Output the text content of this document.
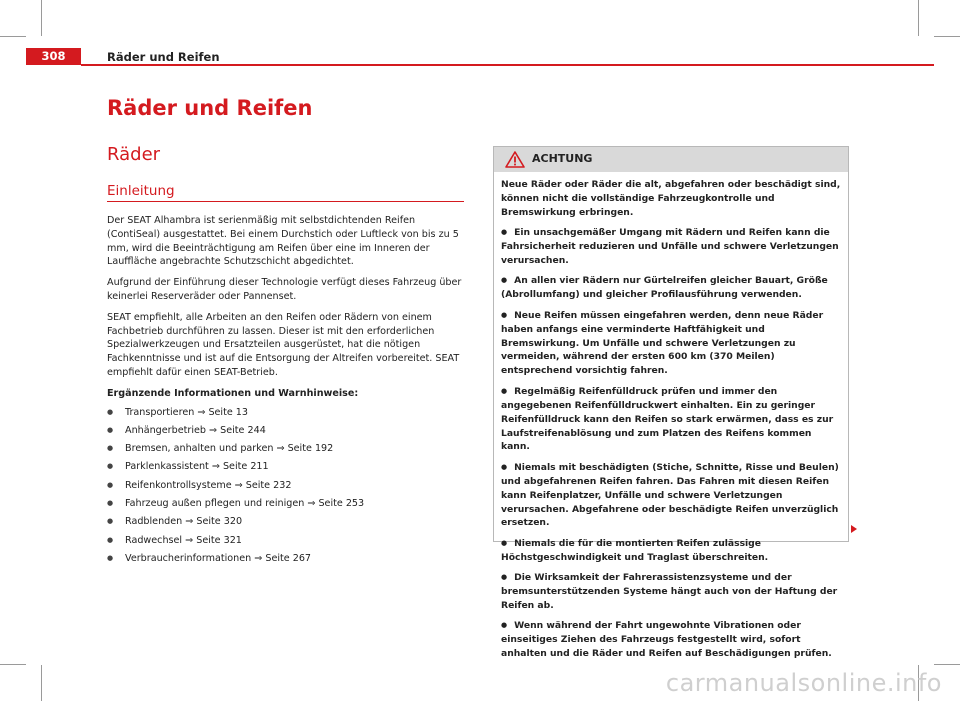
308	Räder und Reifen
Räder und Reifen
Räder
Einleitung

Der SEAT Alhambra ist serienmäßig mit selbstdichtenden Reifen (ContiSeal) ausgestattet. Bei einem Durchstich oder Luftleck von bis zu 5 mm, wird die Beeinträchtigung am Reifen über eine im Inneren der Lauffläche angebrachte Schutzschicht abgedichtet.

Aufgrund der Einführung dieser Technologie verfügt dieses Fahrzeug über keinerlei Reserveräder oder Pannenset.

SEAT empfiehlt, alle Arbeiten an den Reifen oder Rädern von einem Fachbetrieb durchführen zu lassen. Dieser ist mit den erforderlichen Spezialwerkzeugen und Ersatzteilen ausgerüstet, hat die nötigen Fachkenntnisse und ist auf die Entsorgung der Altreifen vorbereitet. SEAT empfiehlt dafür einen SEAT-Betrieb.

Ergänzende Informationen und Warnhinweise:

● Transportieren ⇒ Seite 13
● Anhängerbetrieb ⇒ Seite 244
● Bremsen, anhalten und parken ⇒ Seite 192
● Parklenkassistent ⇒ Seite 211
● Reifenkontrollsysteme ⇒ Seite 232
● Fahrzeug außen pflegen und reinigen ⇒ Seite 253
● Radblenden ⇒ Seite 320
● Radwechsel ⇒ Seite 321
● Verbraucherinformationen ⇒ Seite 267
ACHTUNG

Neue Räder oder Räder die alt, abgefahren oder beschädigt sind, können nicht die vollständige Fahrzeugkontrolle und Bremswirkung erbringen.

● Ein unsachgemäßer Umgang mit Rädern und Reifen kann die Fahrsicherheit reduzieren und Unfälle und schwere Verletzungen verursachen.

● An allen vier Rädern nur Gürtelreifen gleicher Bauart, Größe (Abrollumfang) und gleicher Profilausführung verwenden.

● Neue Reifen müssen eingefahren werden, denn neue Räder haben anfangs eine verminderte Haftfähigkeit und Bremswirkung. Um Unfälle und schwere Verletzungen zu vermeiden, während der ersten 600 km (370 Meilen) entsprechend vorsichtig fahren.

● Regelmäßig Reifenfülldruck prüfen und immer den angegebenen Reifenfülldruckwert einhalten. Ein zu geringer Reifenfülldruck kann den Reifen so stark erwärmen, dass es zur Laufstreifenablösung und zum Platzen des Reifens kommen kann.

● Niemals mit beschädigten (Stiche, Schnitte, Risse und Beulen) und abgefahrenen Reifen fahren. Das Fahren mit diesen Reifen kann Reifenplatzer, Unfälle und schwere Verletzungen verursachen. Abgefahrene oder beschädigte Reifen unverzüglich ersetzen.

● Niemals die für die montierten Reifen zulässige Höchstgeschwindigkeit und Traglast überschreiten.

● Die Wirksamkeit der Fahrerassistenzsysteme und der bremsunterstützenden Systeme hängt auch von der Haftung der Reifen ab.

● Wenn während der Fahrt ungewohnte Vibrationen oder einseitiges Ziehen des Fahrzeugs festgestellt wird, sofort anhalten und die Räder und Reifen auf Beschädigungen prüfen.

carmanualsonline.info
